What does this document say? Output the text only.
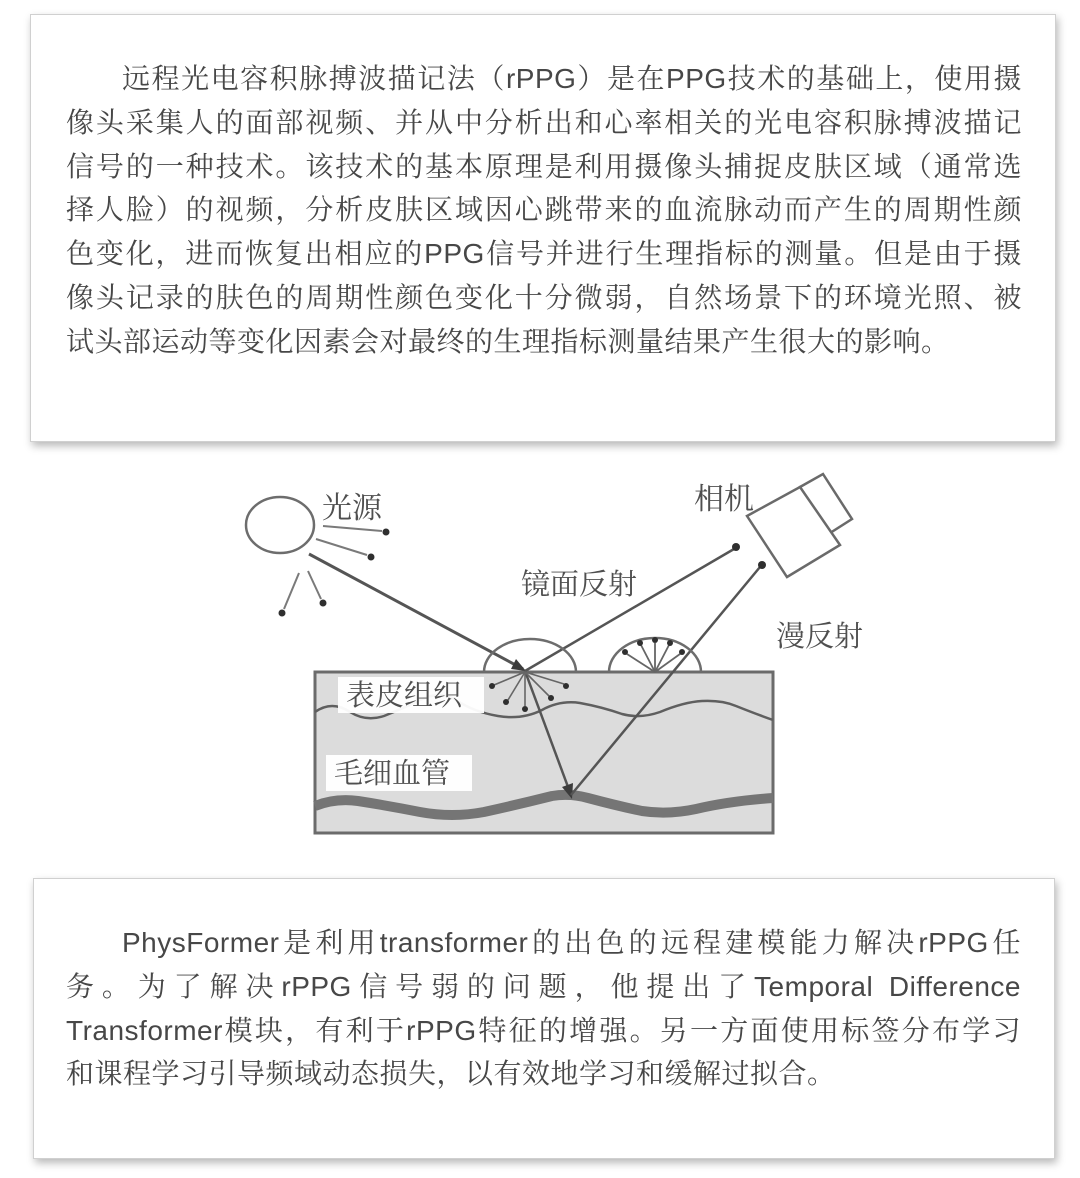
远程光电容积脉搏波描记法（rPPG）是在PPG技术的基础上，使用摄
像头采集人的面部视频、并从中分析出和心率相关的光电容积脉搏波描记
信号的一种技术。该技术的基本原理是利用摄像头捕捉皮肤区域（通常选
择人脸）的视频，分析皮肤区域因心跳带来的血流脉动而产生的周期性颜
色变化，进而恢复出相应的PPG信号并进行生理指标的测量。但是由于摄
像头记录的肤色的周期性颜色变化十分微弱，自然场景下的环境光照、被
试头部运动等变化因素会对最终的生理指标测量结果产生很大的影响。
光源	相机
镜面反射
漫反射
表皮组织
毛细血管
PhysFormer是利用transformer的出色的远程建模能力解决rPPG任
务。为了解决rPPG信号弱的问题，他提出了Temporal Difference
Transformer模块，有利于rPPG特征的增强。另一方面使用标签分布学习
和课程学习引导频域动态损失，以有效地学习和缓解过拟合。
